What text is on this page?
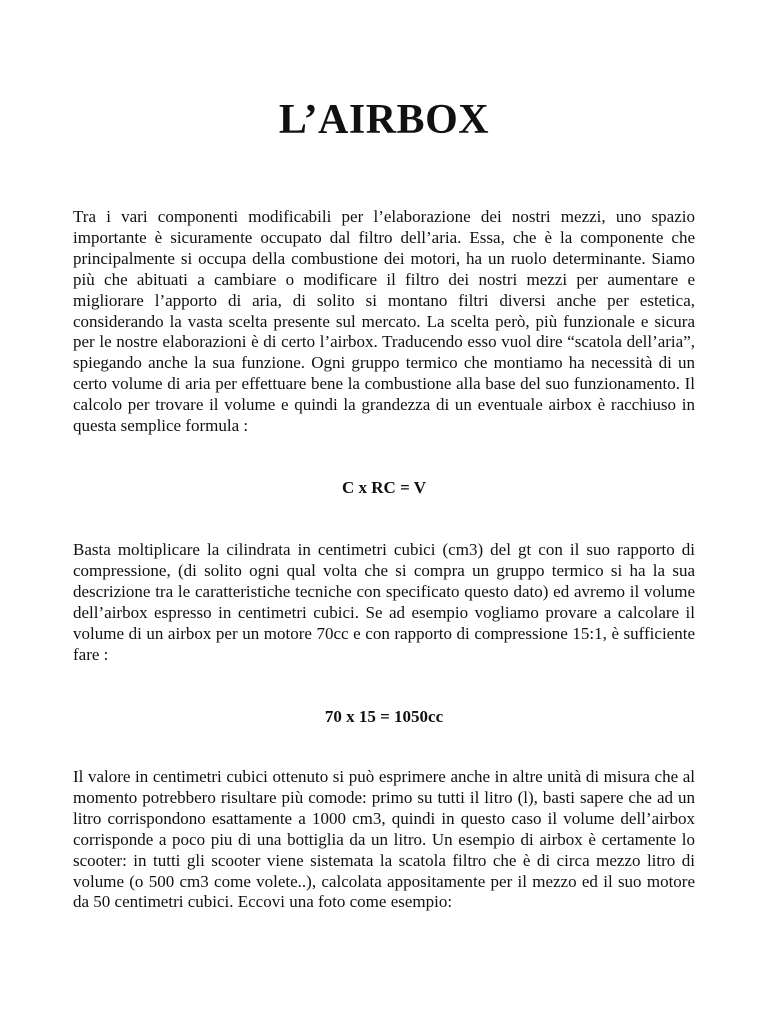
L’AIRBOX

Tra i vari componenti modificabili per l’elaborazione dei nostri mezzi, uno spazio importante è sicuramente occupato dal filtro dell’aria. Essa, che è la componente che principalmente si occupa della combustione dei motori, ha un ruolo determinante. Siamo più che abituati a cambiare o modificare il filtro dei nostri mezzi per aumentare e migliorare l’apporto di aria, di solito si montano filtri diversi anche per estetica, considerando la vasta scelta presente sul mercato. La scelta però, più funzionale e sicura per le nostre elaborazioni è di certo l’airbox. Traducendo esso vuol dire “scatola dell’aria”, spiegando anche la sua funzione. Ogni gruppo termico che montiamo ha necessità di un certo volume di aria per effettuare bene la combustione alla base del suo funzionamento. Il calcolo per trovare il volume e quindi la grandezza di un eventuale airbox è racchiuso in questa semplice formula :

C x RC = V

Basta moltiplicare la cilindrata in centimetri cubici (cm3) del gt con il suo rapporto di compressione, (di solito ogni qual volta che si compra un gruppo termico si ha la sua descrizione tra le caratteristiche tecniche con specificato questo dato) ed avremo il volume dell’airbox espresso in centimetri cubici. Se ad esempio vogliamo provare a calcolare il volume di un airbox per un motore 70cc e con rapporto di compressione 15:1, è sufficiente fare :

70 x 15 = 1050cc

Il valore in centimetri cubici ottenuto si può esprimere anche in altre unità di misura che al momento potrebbero risultare più comode: primo su tutti il litro (l), basti sapere che ad un litro corrispondono esattamente a 1000 cm3, quindi in questo caso il volume dell’airbox corrisponde a poco piu di una bottiglia da un litro. Un esempio di airbox è certamente lo scooter: in tutti gli scooter viene sistemata la scatola filtro che è di circa mezzo litro di volume (o 500 cm3 come volete..), calcolata appositamente per il mezzo ed il suo motore da 50 centimetri cubici. Eccovi una foto come esempio:
